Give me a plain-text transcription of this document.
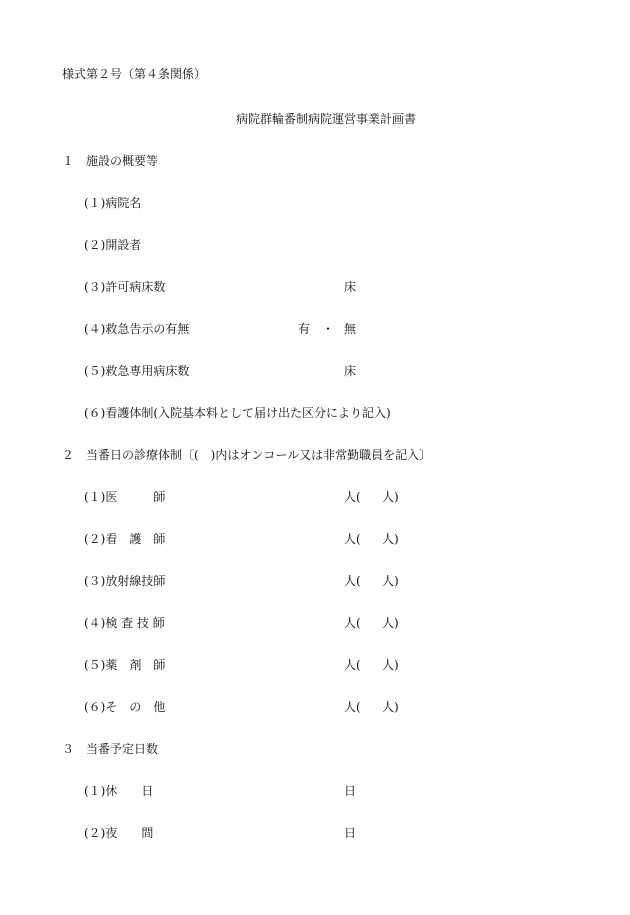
様式第２号（第４条関係）
病院群輪番制病院運営事業計画書
１　施設の概要等
(１)病院名
(２)開設者
(３)許可病床数	床
(４)救急告示の有無	有 ・ 無
(５)救急専用病床数	床
(６)看護体制(入院基本料として届け出た区分により記入)
２　当番日の診療体制〔(　)内はオンコール又は非常勤職員を記入〕
(１)医　　　師	人( 人)
(２)看　護　師	人( 人)
(３)放射線技師	人( 人)
(４)検 査 技 師	人( 人)
(５)薬　剤　師	人( 人)
(６)そ　の　他	人( 人)
３　当番予定日数
(１)休　　日	日
(２)夜　　間	日
